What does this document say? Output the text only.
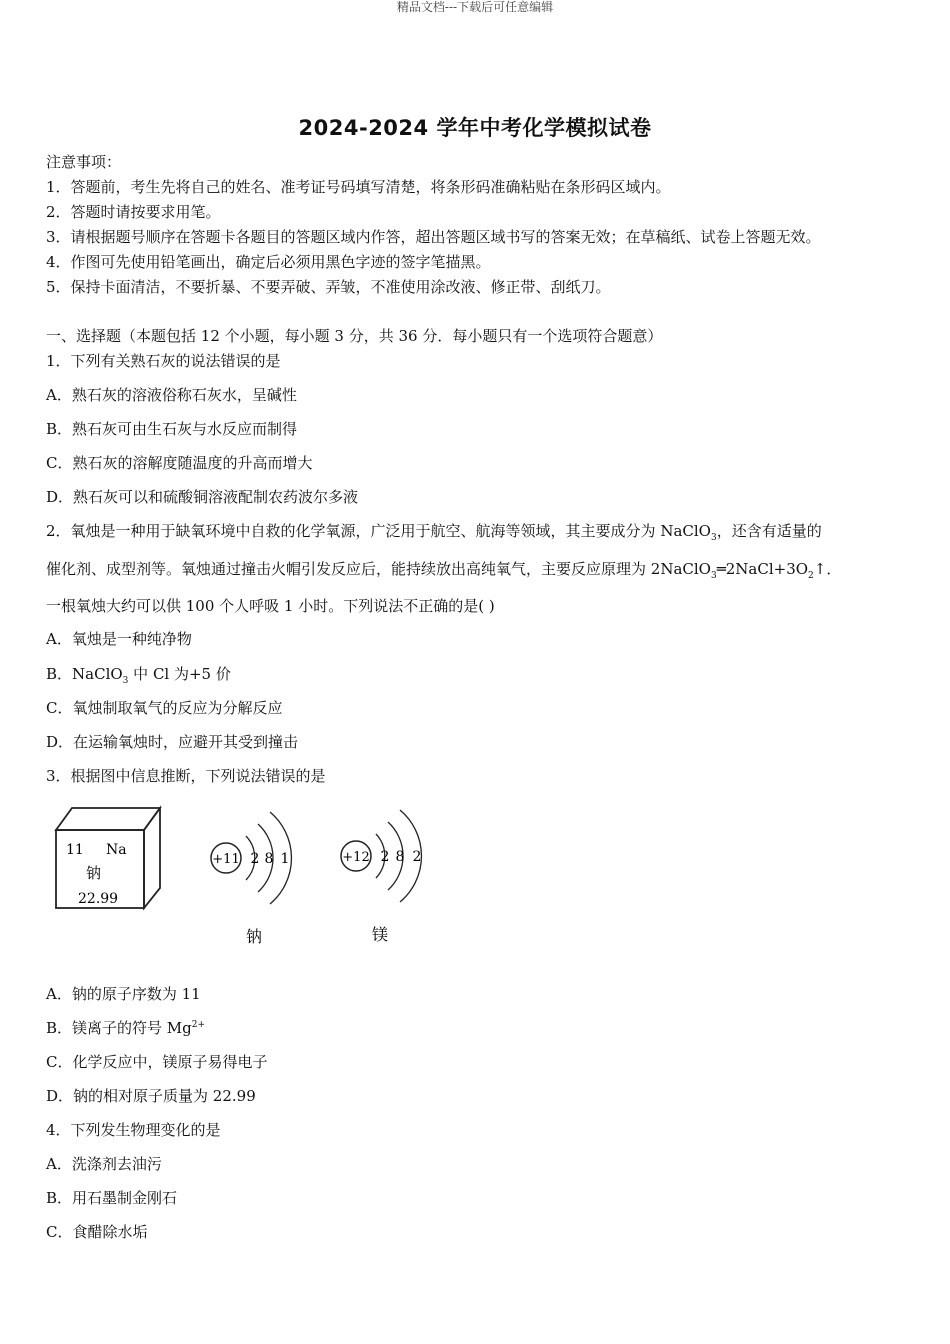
精品文档---下载后可任意编辑
2024-2024 学年中考化学模拟试卷
注意事项：
1．答题前，考生先将自己的姓名、准考证号码填写清楚，将条形码准确粘贴在条形码区域内。
2．答题时请按要求用笔。
3．请根据题号顺序在答题卡各题目的答题区域内作答，超出答题区域书写的答案无效；在草稿纸、试卷上答题无效。
4．作图可先使用铅笔画出，确定后必须用黑色字迹的签字笔描黑。
5．保持卡面清洁，不要折暴、不要弄破、弄皱，不准使用涂改液、修正带、刮纸刀。
一、选择题（本题包括 12 个小题，每小题 3 分，共 36 分．每小题只有一个选项符合题意）
1．下列有关熟石灰的说法错误的是
A．熟石灰的溶液俗称石灰水，呈碱性
B．熟石灰可由生石灰与水反应而制得
C．熟石灰的溶解度随温度的升高而增大
D．熟石灰可以和硫酸铜溶液配制农药波尔多液
2．氧烛是一种用于缺氧环境中自救的化学氧源，广泛用于航空、航海等领域，其主要成分为 NaClO$_3$，还含有适量的
催化剂、成型剂等。氧烛通过撞击火帽引发反应后，能持续放出高纯氧气，主要反应原理为 $2NaClO_3═2NaCl+3O_2↑$．
一根氧烛大约可以供 100 个人呼吸 1 小时。下列说法不正确的是( )
A．氧烛是一种纯净物
B．NaClO$_3$ 中 Cl 为+5 价
C．氧烛制取氧气的反应为分解反应
D．在运输氧烛时，应避开其受到撞击
3．根据图中信息推断，下列说法错误的是
11 Na
钠
22.99
+11 2 8 1
钠
+12 2 8 2
镁
A．钠的原子序数为 11
B．镁离子的符号 $Mg^{2+}$
C．化学反应中，镁原子易得电子
D．钠的相对原子质量为 22.99
4．下列发生物理变化的是
A．洗涤剂去油污
B．用石墨制金刚石
C．食醋除水垢
